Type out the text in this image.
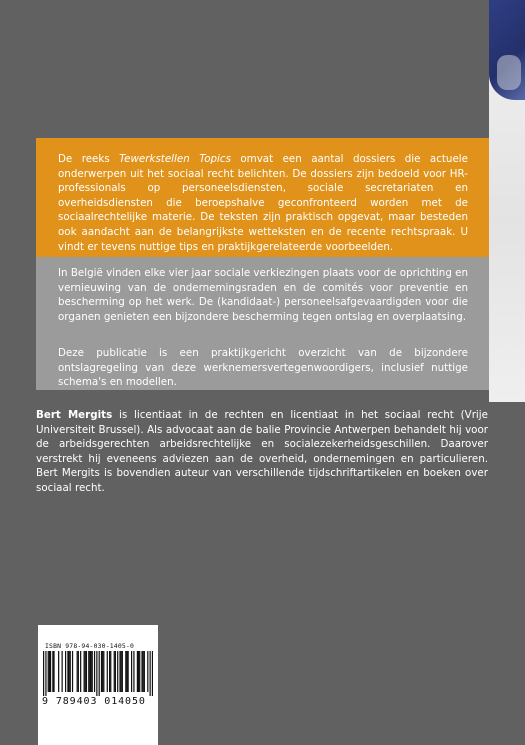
De reeks Tewerkstellen Topics omvat een aantal dossiers die actuele onderwerpen uit het sociaal recht belichten. De dossiers zijn bedoeld voor HR-professionals op personeelsdiensten, sociale secretariaten en overheidsdiensten die beroepshalve geconfronteerd worden met de sociaalrechtelijke materie. De teksten zijn praktisch opgevat, maar besteden ook aandacht aan de belangrijkste wetteksten en de recente rechtspraak. U vindt er tevens nuttige tips en praktijkgerelateerde voorbeelden.

In België vinden elke vier jaar sociale verkiezingen plaats voor de oprichting en vernieuwing van de ondernemingsraden en de comités voor preventie en bescherming op het werk. De (kandidaat-) personeelsafgevaardigden voor die organen genieten een bijzondere bescherming tegen ontslag en overplaatsing.

Deze publicatie is een praktijkgericht overzicht van de bijzondere ontslagregeling van deze werknemersvertegenwoordigers, inclusief nuttige schema's en modellen.

Bert Mergits is licentiaat in de rechten en licentiaat in het sociaal recht (Vrije Universiteit Brussel). Als advocaat aan de balie Provincie Antwerpen behandelt hij voor de arbeidsgerechten arbeidsrechtelijke en socialezekerheidsgeschillen. Daarover verstrekt hij eveneens adviezen aan de overheid, ondernemingen en particulieren. Bert Mergits is bovendien auteur van verschillende tijdschriftartikelen en boeken over sociaal recht.

ISBN 978-94-030-1405-0
9 789403 014050
